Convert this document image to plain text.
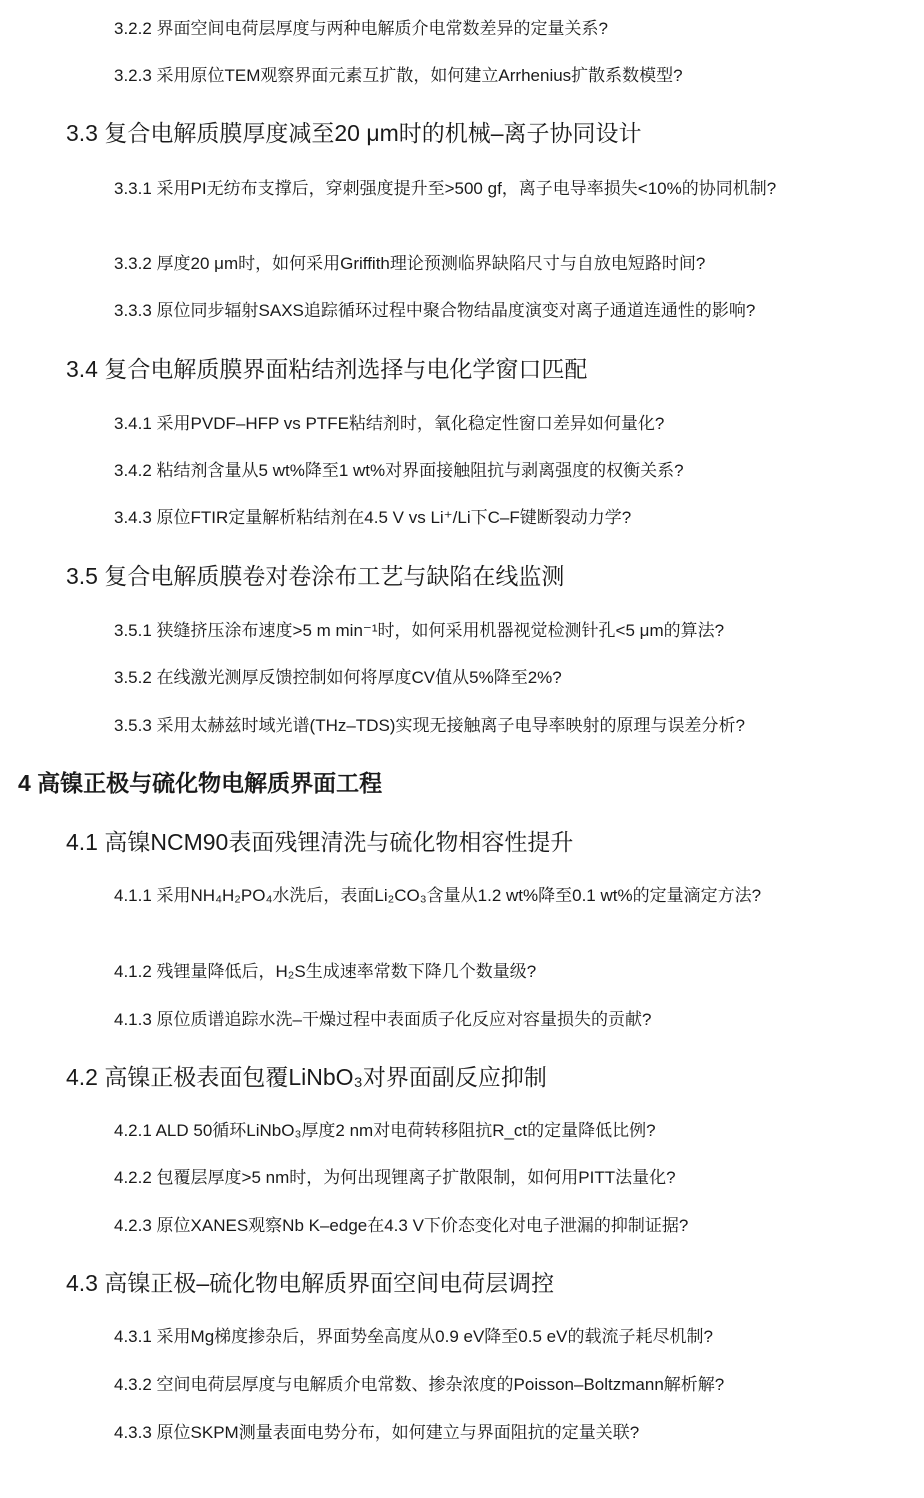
3.2.2 界面空间电荷层厚度与两种电解质介电常数差异的定量关系?
3.2.3 采用原位TEM观察界面元素互扩散，如何建立Arrhenius扩散系数模型?
3.3 复合电解质膜厚度减至20 μm时的机械–离子协同设计
3.3.1 采用PI无纺布支撑后，穿刺强度提升至>500 gf，离子电导率损失<10%的协同机制?
3.3.2 厚度20 μm时，如何采用Griffith理论预测临界缺陷尺寸与自放电短路时间?
3.3.3 原位同步辐射SAXS追踪循环过程中聚合物结晶度演变对离子通道连通性的影响?
3.4 复合电解质膜界面粘结剂选择与电化学窗口匹配
3.4.1 采用PVDF–HFP vs PTFE粘结剂时，氧化稳定性窗口差异如何量化?
3.4.2 粘结剂含量从5 wt%降至1 wt%对界面接触阻抗与剥离强度的权衡关系?
3.4.3 原位FTIR定量解析粘结剂在4.5 V vs Li⁺/Li下C–F键断裂动力学?
3.5 复合电解质膜卷对卷涂布工艺与缺陷在线监测
3.5.1 狭缝挤压涂布速度>5 m min⁻¹时，如何采用机器视觉检测针孔<5 μm的算法?
3.5.2 在线激光测厚反馈控制如何将厚度CV值从5%降至2%?
3.5.3 采用太赫兹时域光谱(THz–TDS)实现无接触离子电导率映射的原理与误差分析?
4 高镍正极与硫化物电解质界面工程
4.1 高镍NCM90表面残锂清洗与硫化物相容性提升
4.1.1 采用NH₄H₂PO₄水洗后，表面Li₂CO₃含量从1.2 wt%降至0.1 wt%的定量滴定方法?
4.1.2 残锂量降低后，H₂S生成速率常数下降几个数量级?
4.1.3 原位质谱追踪水洗–干燥过程中表面质子化反应对容量损失的贡献?
4.2 高镍正极表面包覆LiNbO₃对界面副反应抑制
4.2.1 ALD 50循环LiNbO₃厚度2 nm对电荷转移阻抗R_ct的定量降低比例?
4.2.2 包覆层厚度>5 nm时，为何出现锂离子扩散限制，如何用PITT法量化?
4.2.3 原位XANES观察Nb K–edge在4.3 V下价态变化对电子泄漏的抑制证据?
4.3 高镍正极–硫化物电解质界面空间电荷层调控
4.3.1 采用Mg梯度掺杂后，界面势垒高度从0.9 eV降至0.5 eV的载流子耗尽机制?
4.3.2 空间电荷层厚度与电解质介电常数、掺杂浓度的Poisson–Boltzmann解析解?
4.3.3 原位SKPM测量表面电势分布，如何建立与界面阻抗的定量关联?
